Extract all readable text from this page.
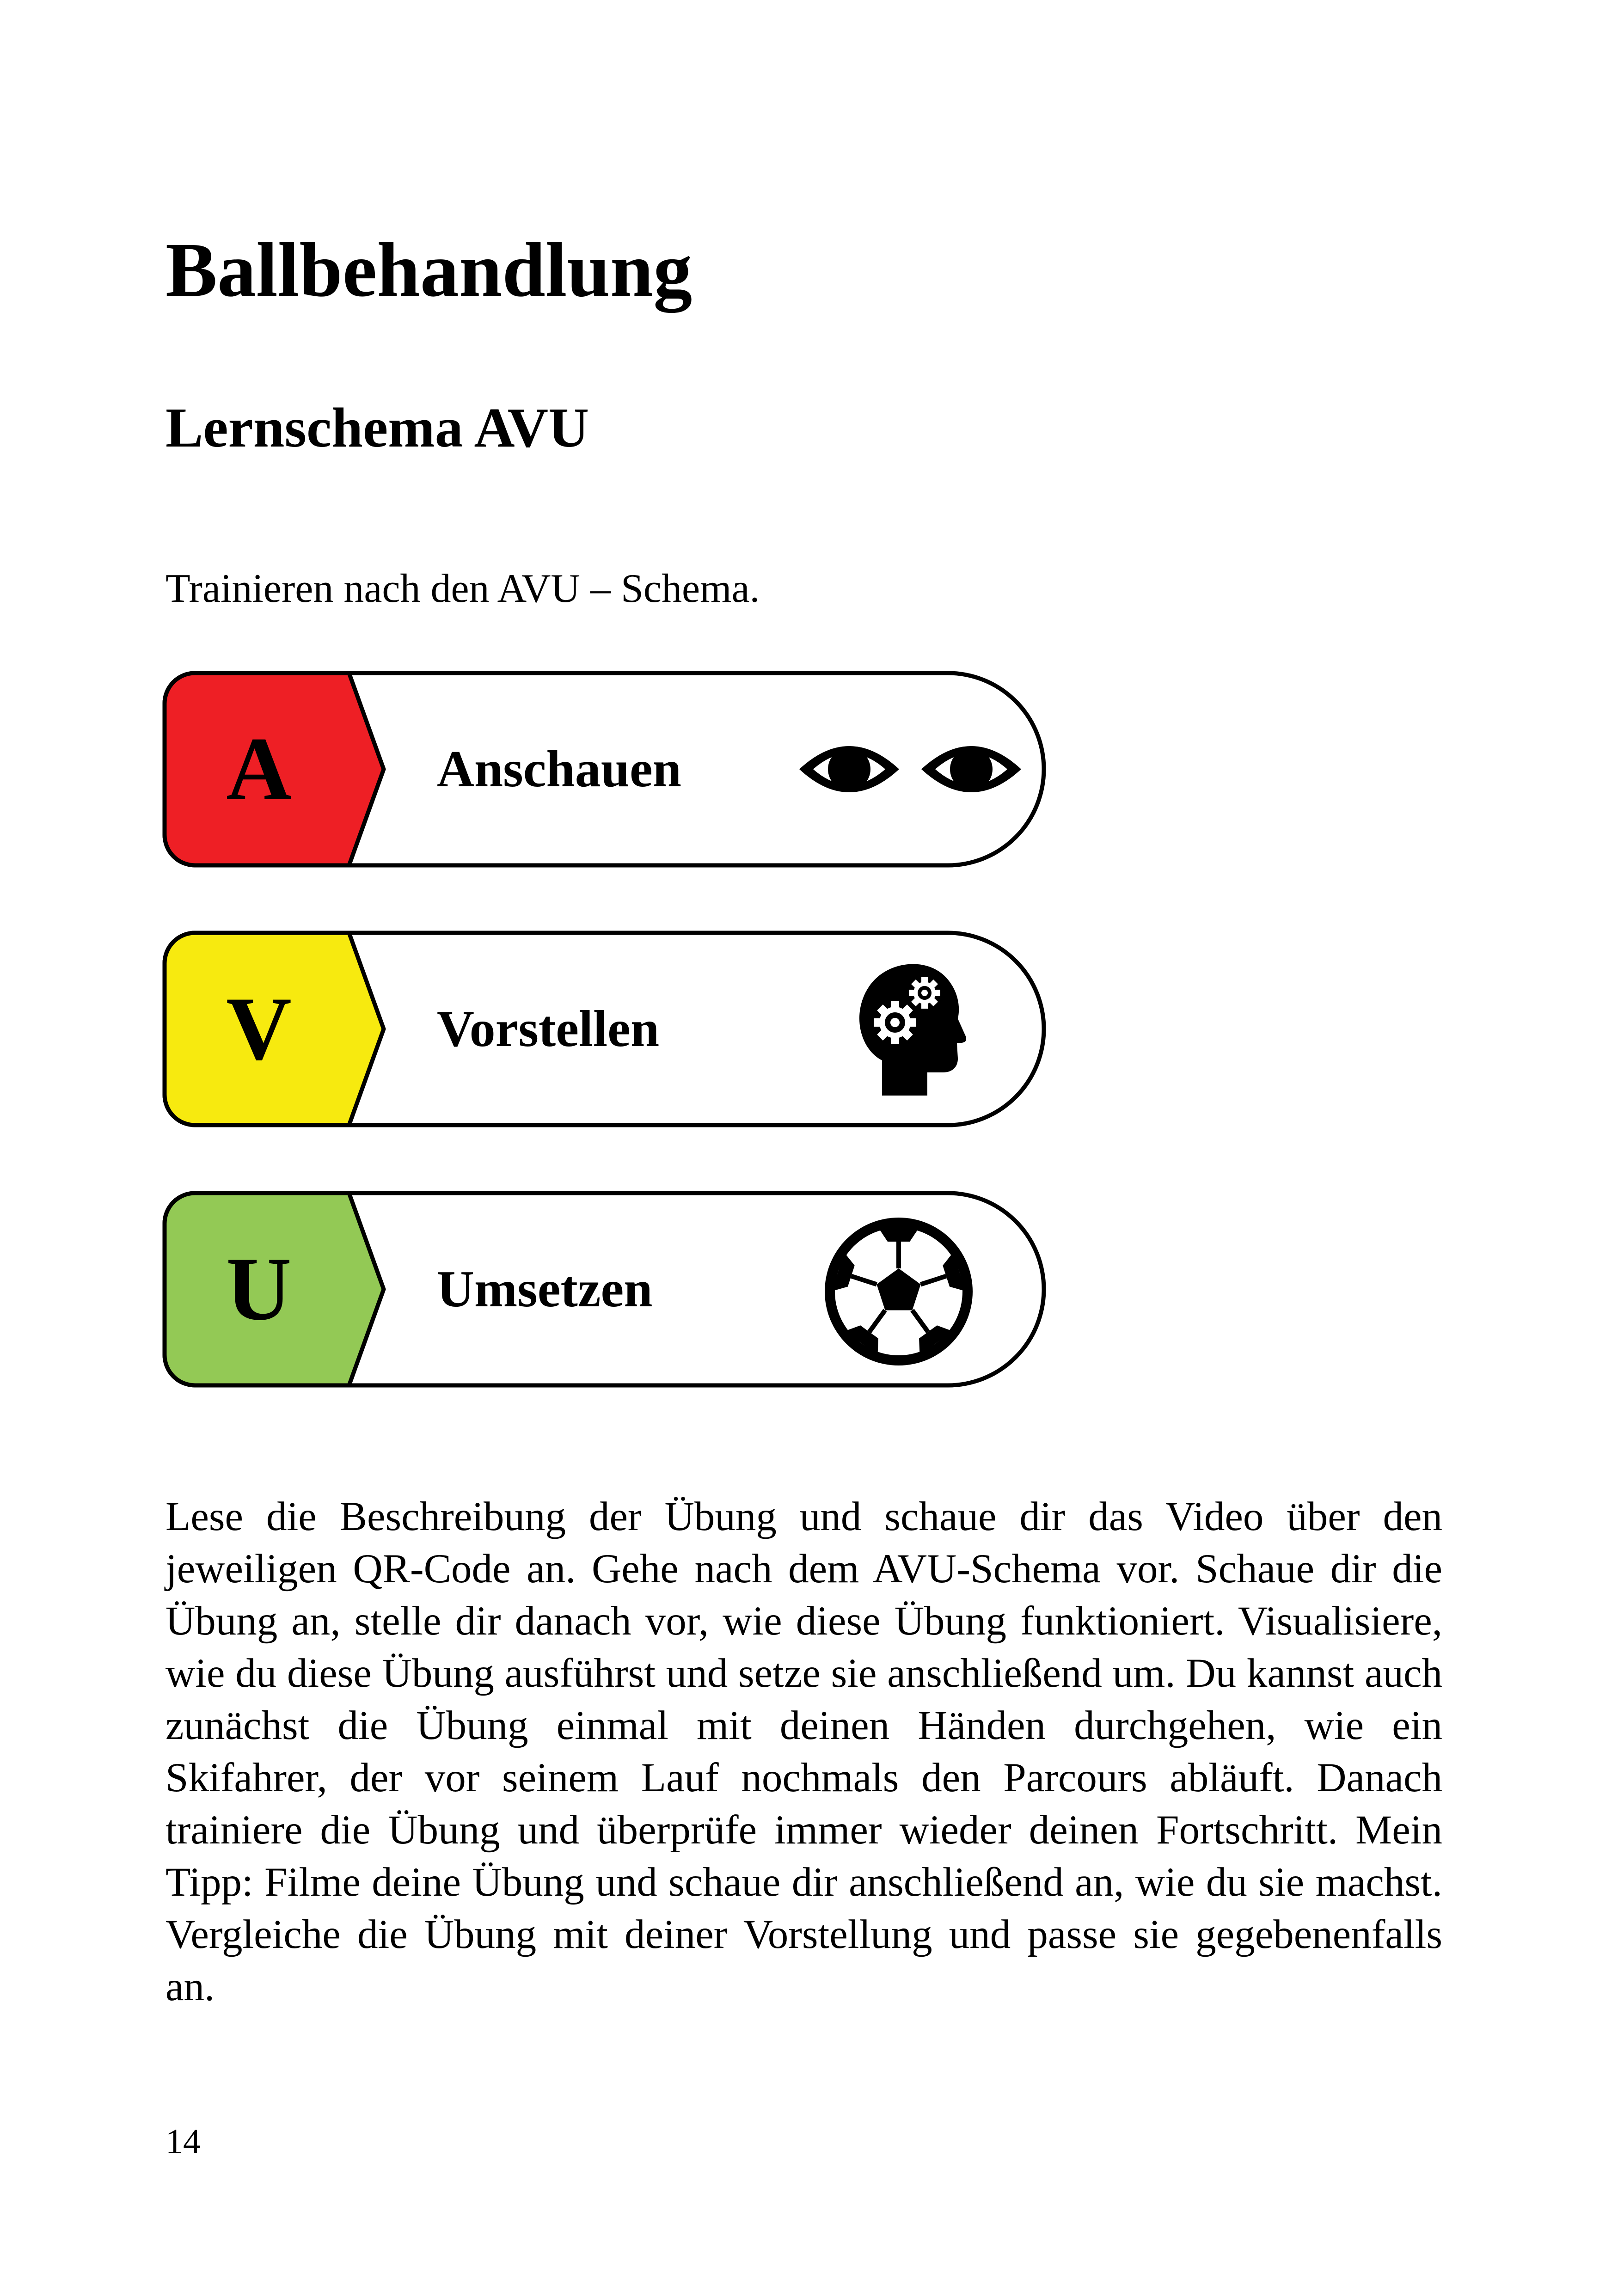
Ballbehandlung
Lernschema AVU

Trainieren nach den AVU – Schema.

A	Anschauen
V	Vorstellen
U	Umsetzen

Lese die Beschreibung der Übung und schaue dir das Video über den jeweiligen QR-Code an. Gehe nach dem AVU-Schema vor. Schaue dir die Übung an, stelle dir danach vor, wie diese Übung funktioniert. Visualisiere, wie du diese Übung ausführst und setze sie anschließend um. Du kannst auch zunächst die Übung einmal mit deinen Händen durchgehen, wie ein Skifahrer, der vor seinem Lauf nochmals den Parcours abläuft. Danach trainiere die Übung und überprüfe immer wieder deinen Fortschritt. Mein Tipp: Filme deine Übung und schaue dir anschließend an, wie du sie machst. Vergleiche die Übung mit deiner Vorstellung und passe sie gegebenenfalls an.

14
